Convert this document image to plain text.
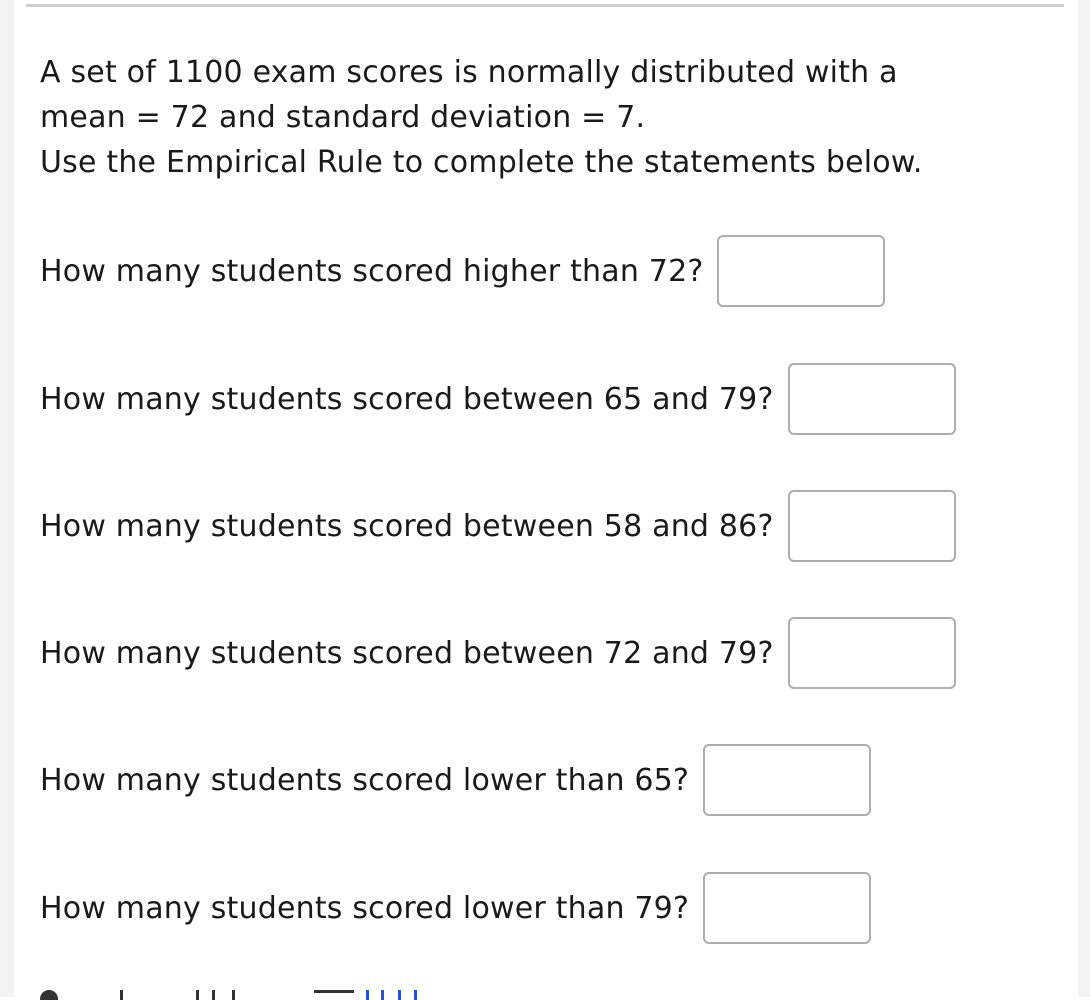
A set of 1100 exam scores is normally distributed with a
mean = 72 and standard deviation = 7.
Use the Empirical Rule to complete the statements below.
How many students scored higher than 72?
How many students scored between 65 and 79?
How many students scored between 58 and 86?
How many students scored between 72 and 79?
How many students scored lower than 65?
How many students scored lower than 79?
